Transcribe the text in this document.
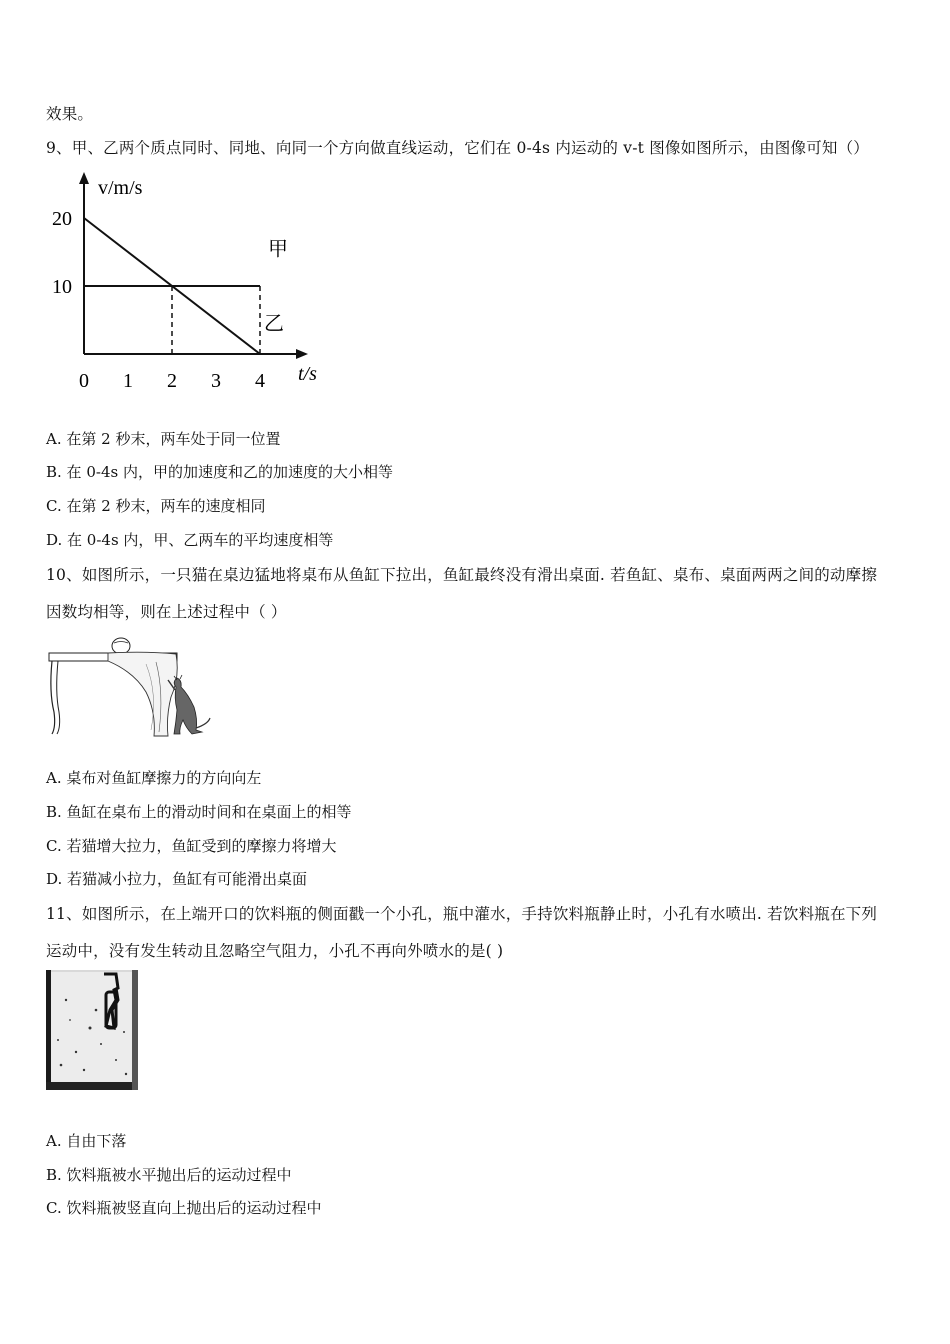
效果。
9、甲、乙两个质点同时、同地、向同一个方向做直线运动，它们在 0-4s 内运动的 v-t 图像如图所示，由图像可知（）
v/m/s
t/s
0 1 2 3 4
20
10
甲
乙
A. 在第 2 秒末，两车处于同一位置
B. 在 0-4s 内，甲的加速度和乙的加速度的大小相等
C. 在第 2 秒末，两车的速度相同
D. 在 0-4s 内，甲、乙两车的平均速度相等
10、如图所示，一只猫在桌边猛地将桌布从鱼缸下拉出，鱼缸最终没有滑出桌面. 若鱼缸、桌布、桌面两两之间的动摩擦
因数均相等，则在上述过程中（ ）
A. 桌布对鱼缸摩擦力的方向向左
B. 鱼缸在桌布上的滑动时间和在桌面上的相等
C. 若猫增大拉力，鱼缸受到的摩擦力将增大
D. 若猫减小拉力，鱼缸有可能滑出桌面
11、如图所示，在上端开口的饮料瓶的侧面戳一个小孔，瓶中灌水，手持饮料瓶静止时，小孔有水喷出. 若饮料瓶在下列
运动中，没有发生转动且忽略空气阻力，小孔不再向外喷水的是( )
A. 自由下落
B. 饮料瓶被水平抛出后的运动过程中
C. 饮料瓶被竖直向上抛出后的运动过程中
